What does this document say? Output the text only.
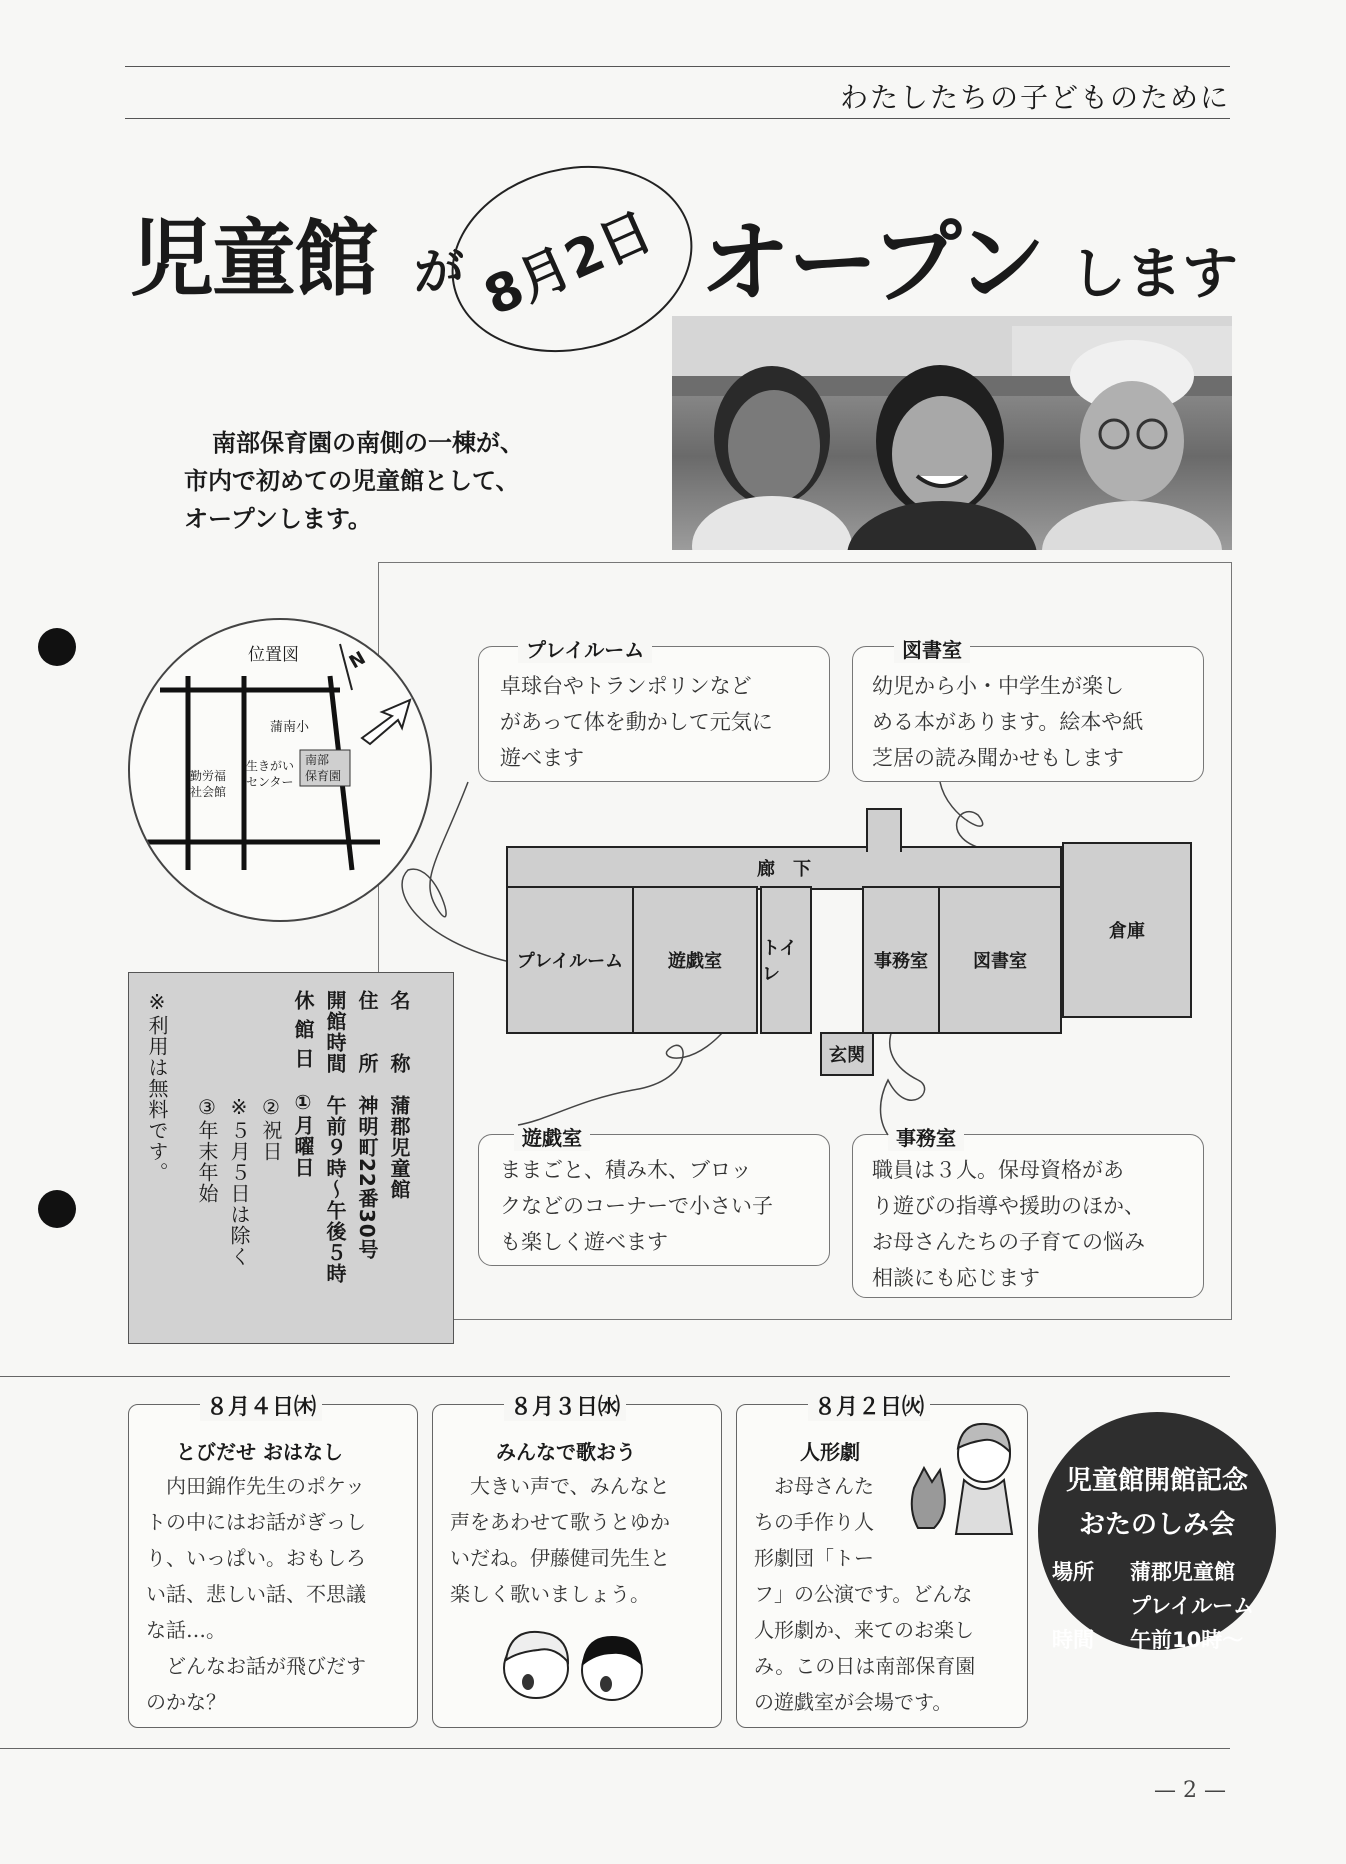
わたしたちの子どものために
児童館 が 8月2日 オープン します
南部保育園の南側の一棟が、
市内で初めての児童館として、
オープンします。
位置図	N
蒲南小
勤労福
社会館
生きがい
センター
南部
保育園
プレイルーム
卓球台やトランポリンなど
があって体を動かして元気に
遊べます
図書室
幼児から小・中学生が楽し
める本があります。絵本や紙
芝居の読み聞かせもします
遊戯室
ままごと、積み木、ブロッ
クなどのコーナーで小さい子
も楽しく遊べます
事務室
職員は３人。保母資格があ
り遊びの指導や援助のほか、
お母さんたちの子育ての悩み
相談にも応じます
廊　下
プレイルーム	遊戯室
トイレ
事務室	図書室
倉庫
玄関
名　　称　蒲郡児童館
住　　所　神明町22番30号
開館時間　午前９時～午後５時
休 館 日　①月曜日
　　　　　②祝日
　　　　　※５月５日は除く
　　　　　③年末年始
※利用は無料です。
８月４日㈭
とびだせ おはなし
　内田錦作先生のポケッ
トの中にはお話がぎっし
り、いっぱい。おもしろ
い話、悲しい話、不思議
な話…。
　どんなお話が飛びだす
のかな？
８月３日㈬
みんなで歌おう
　大きい声で、みんなと
声をあわせて歌うとゆか
いだね。伊藤健司先生と
楽しく歌いましょう。
８月２日㈫
人形劇
　お母さんた
ちの手作り人
形劇団「トー
フ」の公演です。どんな
人形劇か、来てのお楽し
み。この日は南部保育園
の遊戯室が会場です。
児童館開館記念
おたのしみ会
場所 蒲郡児童館
プレイルーム
時間 午前10時～
— 2 —
